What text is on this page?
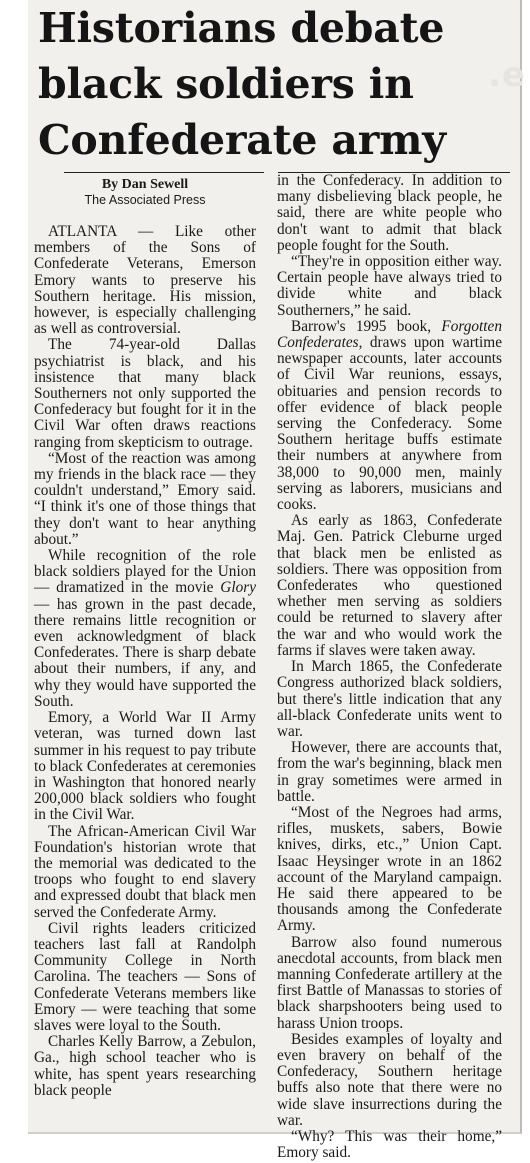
.e
Historians debate
black soldiers in
Confederate army
By Dan Sewell
The Associated Press

ATLANTA — Like other members of the Sons of Confederate Veterans, Emerson Emory wants to preserve his Southern heritage. His mission, however, is especially challenging as well as controversial.

The 74-year-old Dallas psychiatrist is black, and his insistence that many black Southerners not only supported the Confederacy but fought for it in the Civil War often draws reactions ranging from skepticism to outrage.

“Most of the reaction was among my friends in the black race — they couldn't understand,” Emory said. “I think it's one of those things that they don't want to hear anything about.”

While recognition of the role black soldiers played for the Union — dramatized in the movie Glory — has grown in the past decade, there remains little recognition or even acknowledgment of black Confederates. There is sharp debate about their numbers, if any, and why they would have supported the South.

Emory, a World War II Army veteran, was turned down last summer in his request to pay tribute to black Confederates at ceremonies in Washington that honored nearly 200,000 black soldiers who fought in the Civil War.

The African-American Civil War Foundation's historian wrote that the memorial was dedicated to the troops who fought to end slavery and expressed doubt that black men served the Confederate Army.

Civil rights leaders criticized teachers last fall at Randolph Community College in North Carolina. The teachers — Sons of Confederate Veterans members like Emory — were teaching that some slaves were loyal to the South.

Charles Kelly Barrow, a Zebulon, Ga., high school teacher who is white, has spent years researching black people

in the Confederacy. In addition to many disbelieving black people, he said, there are white people who don't want to admit that black people fought for the South.

“They're in opposition either way. Certain people have always tried to divide white and black Southerners,” he said.

Barrow's 1995 book, Forgotten Confederates, draws upon wartime newspaper accounts, later accounts of Civil War reunions, essays, obituaries and pension records to offer evidence of black people serving the Confederacy. Some Southern heritage buffs estimate their numbers at anywhere from 38,000 to 90,000 men, mainly serving as laborers, musicians and cooks.

As early as 1863, Confederate Maj. Gen. Patrick Cleburne urged that black men be enlisted as soldiers. There was opposition from Confederates who questioned whether men serving as soldiers could be returned to slavery after the war and who would work the farms if slaves were taken away.

In March 1865, the Confederate Congress authorized black soldiers, but there's little indication that any all-black Confederate units went to war.

However, there are accounts that, from the war's beginning, black men in gray sometimes were armed in battle.

“Most of the Negroes had arms, rifles, muskets, sabers, Bowie knives, dirks, etc.,” Union Capt. Isaac Heysinger wrote in an 1862 account of the Maryland campaign. He said there appeared to be thousands among the Confederate Army.

Barrow also found numerous anecdotal accounts, from black men manning Confederate artillery at the first Battle of Manassas to stories of black sharpshooters being used to harass Union troops.

Besides examples of loyalty and even bravery on behalf of the Confederacy, Southern heritage buffs also note that there were no wide slave insurrections during the war.

“Why? This was their home,” Emory said.
